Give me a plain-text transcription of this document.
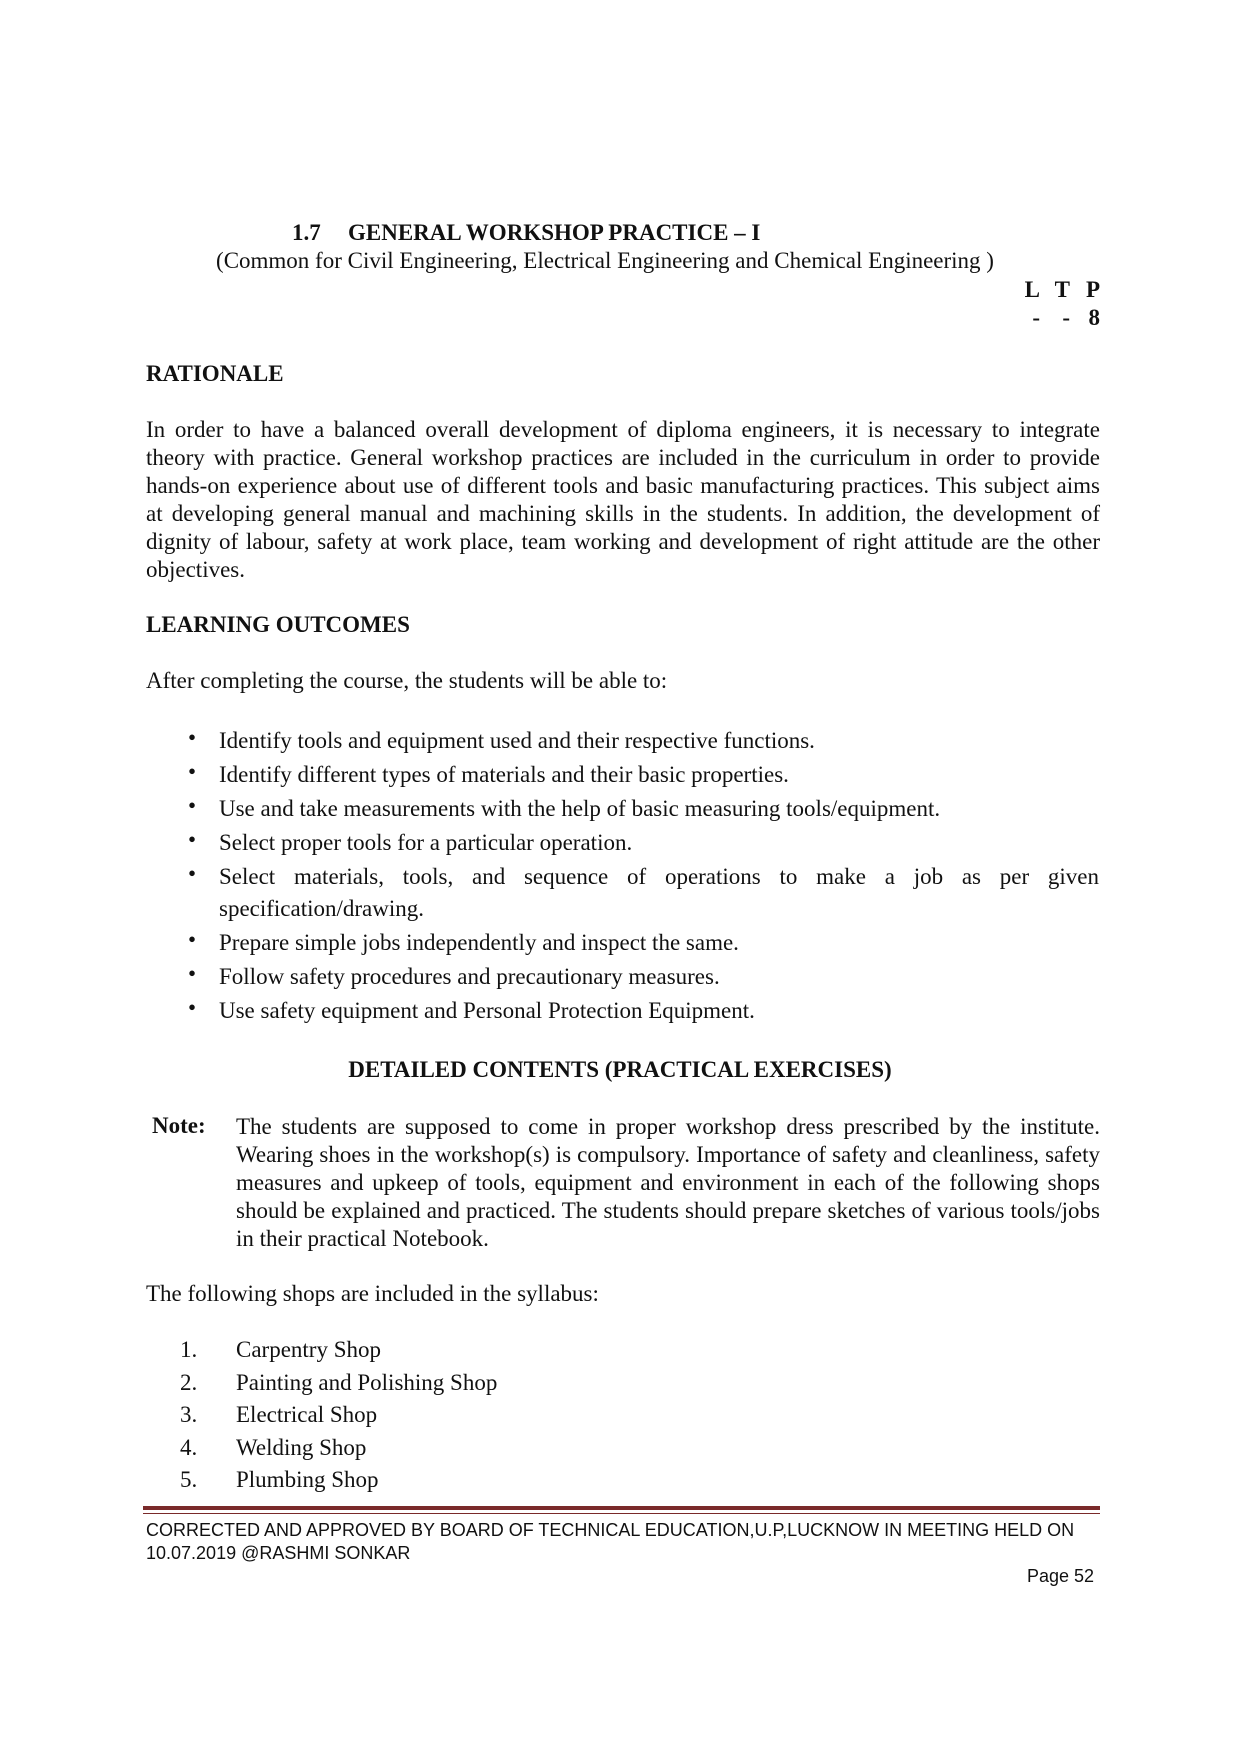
1.7 GENERAL WORKSHOP PRACTICE – I
(Common for Civil Engineering, Electrical Engineering and Chemical Engineering )
L T P
- - 8
RATIONALE
In order to have a balanced overall development of diploma engineers, it is necessary to integrate theory with practice. General workshop practices are included in the curriculum in order to provide hands-on experience about use of different tools and basic manufacturing practices. This subject aims at developing general manual and machining skills in the students. In addition, the development of dignity of labour, safety at work place, team working and development of right attitude are the other objectives.
LEARNING OUTCOMES
After completing the course, the students will be able to:
• Identify tools and equipment used and their respective functions.
• Identify different types of materials and their basic properties.
• Use and take measurements with the help of basic measuring tools/equipment.
• Select proper tools for a particular operation.
• Select materials, tools, and sequence of operations to make a job as per given specification/drawing.
• Prepare simple jobs independently and inspect the same.
• Follow safety procedures and precautionary measures.
• Use safety equipment and Personal Protection Equipment.
DETAILED CONTENTS (PRACTICAL EXERCISES)
Note: The students are supposed to come in proper workshop dress prescribed by the institute. Wearing shoes in the workshop(s) is compulsory. Importance of safety and cleanliness, safety measures and upkeep of tools, equipment and environment in each of the following shops should be explained and practiced. The students should prepare sketches of various tools/jobs in their practical Notebook.
The following shops are included in the syllabus:
1. Carpentry Shop
2. Painting and Polishing Shop
3. Electrical Shop
4. Welding Shop
5. Plumbing Shop
CORRECTED AND APPROVED BY BOARD OF TECHNICAL EDUCATION,U.P,LUCKNOW IN MEETING HELD ON
10.07.2019 @RASHMI SONKAR
Page 52
